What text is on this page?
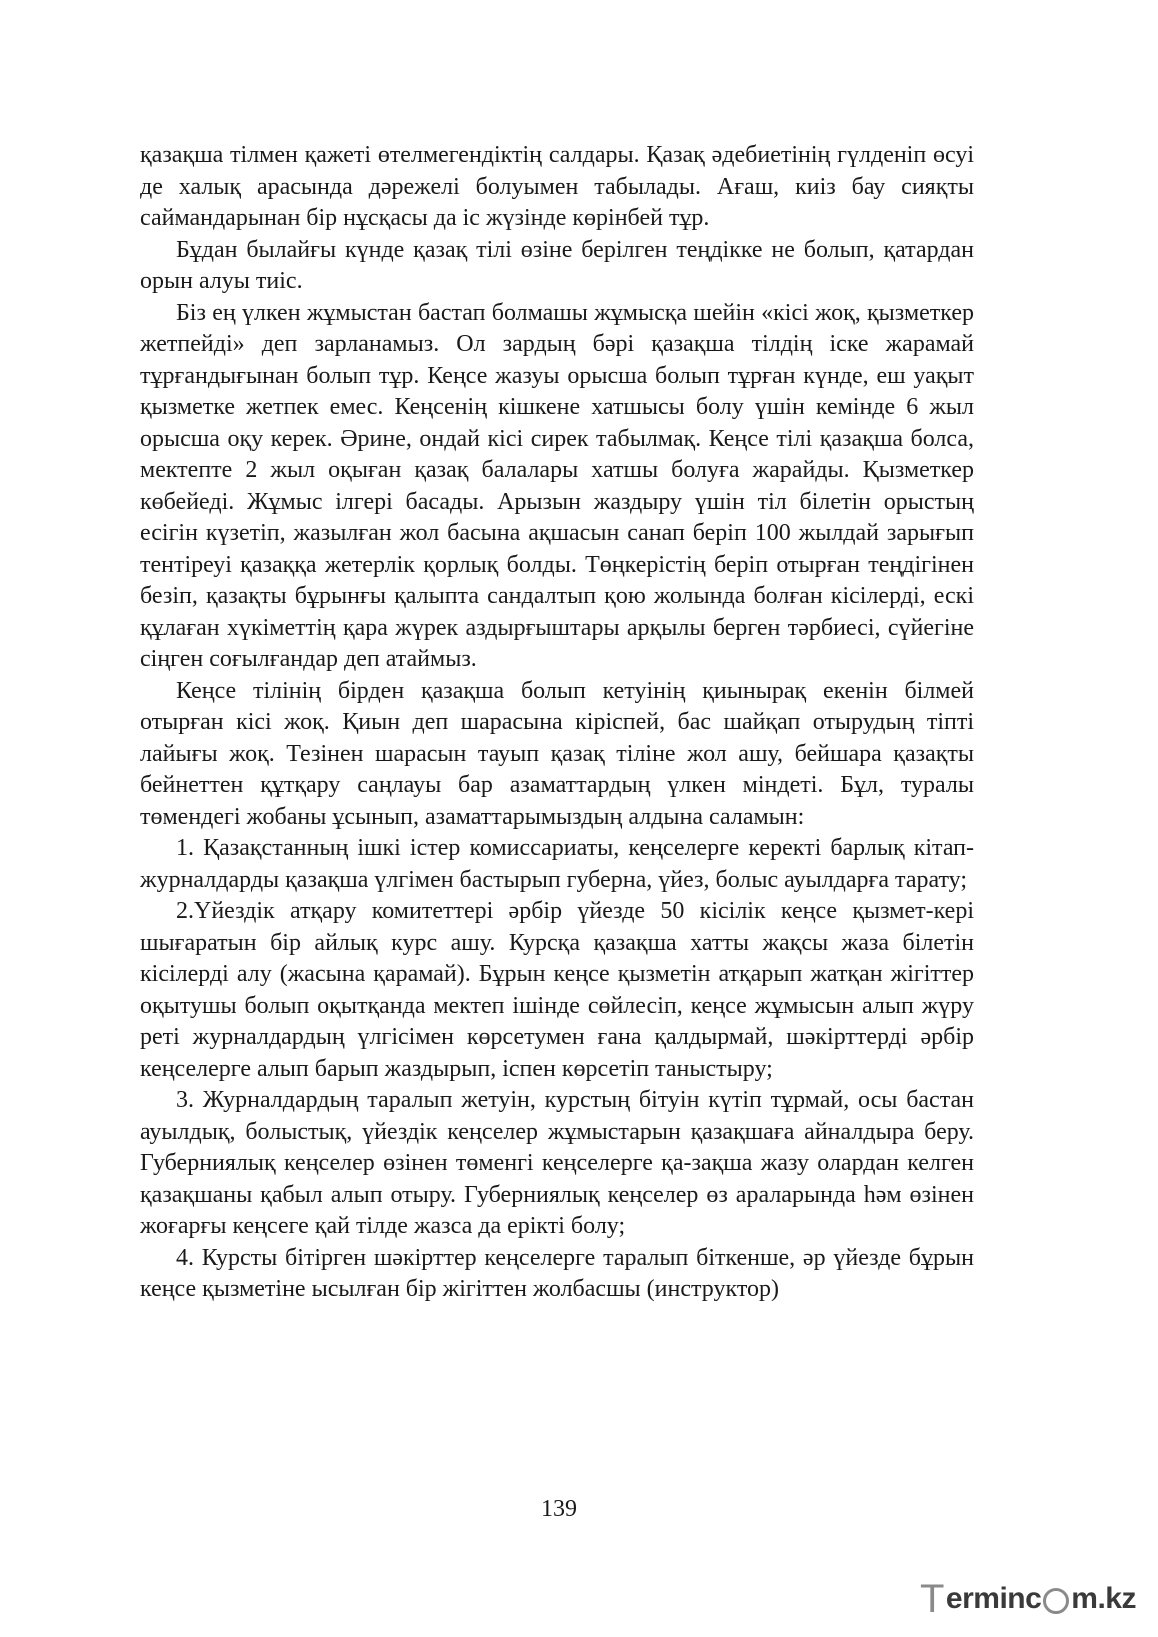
қазақша тілмен қажеті өтелмегендіктің салдары. Қазақ әдебиетінің гүлденіп өсуі де халық арасында дәрежелі болуымен табылады. Ағаш, киіз бау сияқты саймандарынан бір нұсқасы да іс жүзінде көрінбей тұр.

Бұдан былайғы күнде қазақ тілі өзіне берілген теңдікке не болып, қатардан орын алуы тиіс.

Біз ең үлкен жұмыстан бастап болмашы жұмысқа шейін «кісі жоқ, қызметкер жетпейді» деп зарланамыз. Ол зардың бәрі қазақша тілдің іске жарамай тұрғандығынан болып тұр. Кеңсе жазуы орысша болып тұрған күнде, еш уақыт қызметке жетпек емес. Кеңсенің кішкене хатшысы болу үшін кемінде 6 жыл орысша оқу керек. Әрине, ондай кісі сирек табылмақ. Кеңсе тілі қазақша болса, мектепте 2 жыл оқыған қазақ балалары хатшы болуға жарайды. Қызметкер көбейеді. Жұмыс ілгері басады. Арызын жаздыру үшін тіл білетін орыстың есігін күзетіп, жазылған жол басына ақшасын санап беріп 100 жылдай зарығып тентіреуі қазаққа жетерлік қорлық болды. Төңкерістің беріп отырған теңдігінен безіп, қазақты бұрынғы қалыпта сандалтып қою жолында болған кісілерді, ескі құлаған хүкіметтің қара жүрек аздырғыштары арқылы берген тәрбиесі, сүйегіне сіңген соғылғандар деп атаймыз.

Кеңсе тілінің бірден қазақша болып кетуінің қиынырақ екенін білмей отырған кісі жоқ. Қиын деп шарасына кіріспей, бас шайқап отырудың тіпті лайығы жоқ. Тезінен шарасын тауып қазақ тіліне жол ашу, бейшара қазақты бейнеттен құтқару саңлауы бар азаматтардың үлкен міндеті. Бұл, туралы төмендегі жобаны ұсынып, азаматтарымыздың алдына саламын:

1. Қазақстанның ішкі істер комиссариаты, кеңселерге керекті барлық кітап-журналдарды қазақша үлгімен бастырып губерна, үйез, болыс ауылдарға тарату;

2.Үйездік атқару комитеттері әрбір үйезде 50 кісілік кеңсе қызмет-кері шығаратын бір айлық курс ашу. Курсқа қазақша хатты жақсы жаза білетін кісілерді алу (жасына қарамай). Бұрын кеңсе қызметін атқарып жатқан жігіттер оқытушы болып оқытқанда мектеп ішінде сөйлесіп, кеңсе жұмысын алып жүру реті журналдардың үлгісімен көрсетумен ғана қалдырмай, шәкірттерді әрбір кеңселерге алып барып жаздырып, іспен көрсетіп таныстыру;

3. Журналдардың таралып жетуін, курстың бітуін күтіп тұрмай, осы бастан ауылдық, болыстық, үйездік кеңселер жұмыстарын қазақшаға айналдыра беру. Губерниялық кеңселер өзінен төменгі кеңселерге қа-зақша жазу олардан келген қазақшаны қабыл алып отыру. Губерниялық кеңселер өз араларында һәм өзінен жоғарғы кеңсеге қай тілде жазса да ерікті болу;

4. Курсты бітірген шәкірттер кеңселерге таралып біткенше, әр үйезде бұрын кеңсе қызметіне ысылған бір жігіттен жолбасшы (инструктор)

139
T erminc m.kz
